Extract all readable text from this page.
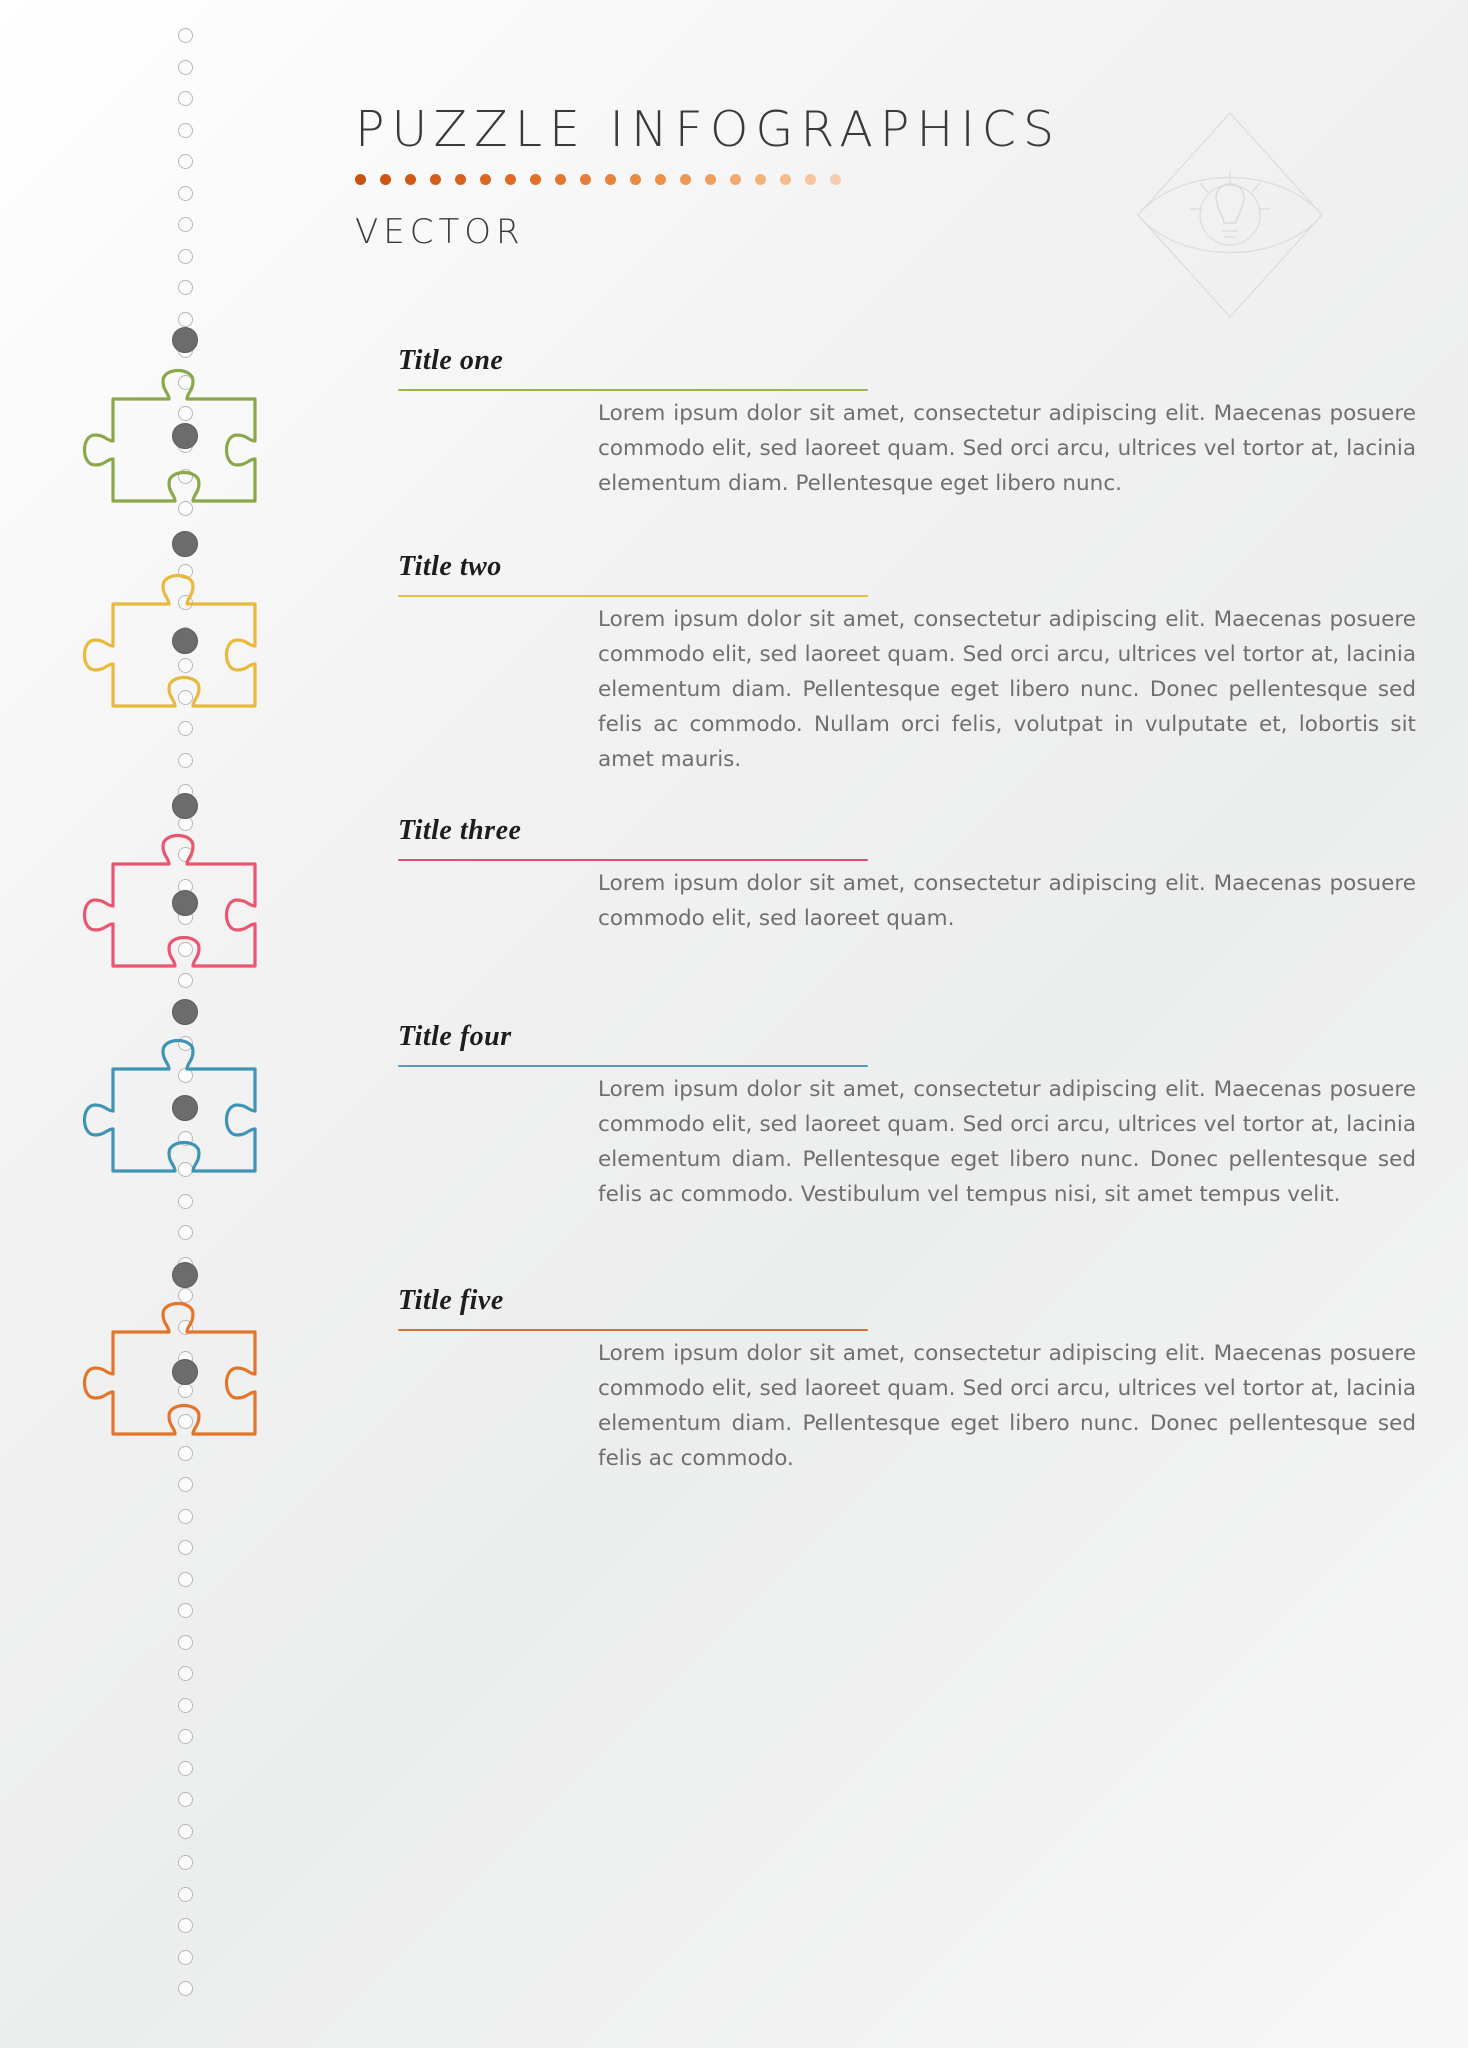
PUZZLE INFOGRAPHICS
VECTOR
Title one
Lorem ipsum dolor sit amet, consectetur adipiscing elit. Maecenas posuere commodo elit, sed laoreet quam. Sed orci arcu, ultrices vel tortor at, lacinia elementum diam. Pellentesque eget libero nunc.
Title two
Lorem ipsum dolor sit amet, consectetur adipiscing elit. Maecenas posuere commodo elit, sed laoreet quam. Sed orci arcu, ultrices vel tortor at, lacinia elementum diam. Pellentesque eget libero nunc. Donec pellentesque sed felis ac commodo. Nullam orci felis, volutpat in vulputate et, lobortis sit amet mauris.
Title three
Lorem ipsum dolor sit amet, consectetur adipiscing elit. Maecenas posuere commodo elit, sed laoreet quam.
Title four
Lorem ipsum dolor sit amet, consectetur adipiscing elit. Maecenas posuere commodo elit, sed laoreet quam. Sed orci arcu, ultrices vel tortor at, lacinia elementum diam. Pellentesque eget libero nunc. Donec pellentesque sed felis ac commodo. Vestibulum vel tempus nisi, sit amet tempus velit.
Title five
Lorem ipsum dolor sit amet, consectetur adipiscing elit. Maecenas posuere commodo elit, sed laoreet quam. Sed orci arcu, ultrices vel tortor at, lacinia elementum diam. Pellentesque eget libero nunc. Donec pellentesque sed felis ac commodo.
